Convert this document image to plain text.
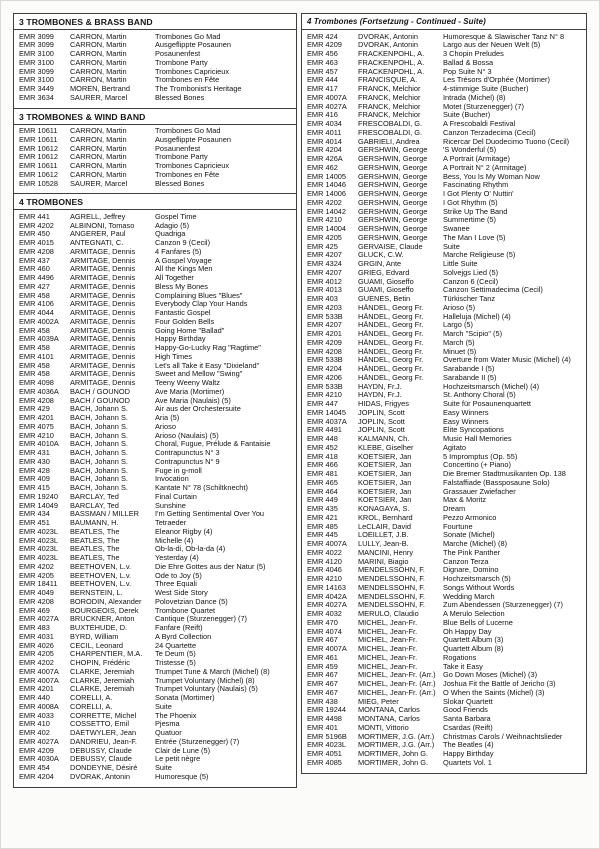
3 TROMBONES & BRASS BAND
EMR 3099	CARRON, Martin	Trombones Go Mad
EMR 3099	CARRON, Martin	Ausgeflippte Posaunen
EMR 3100	CARRON, Martin	Posaunenfest
EMR 3100	CARRON, Martin	Trombone Party
EMR 3099	CARRON, Martin	Trombones Capricieux
EMR 3100	CARRON, Martin	Trombones en Fête
EMR 3449	MOREN, Bertrand	The Trombonist's Heritage
EMR 3634	SAURER, Marcel	Blessed Bones
3 TROMBONES & WIND BAND
EMR 10611	CARRON, Martin	Trombones Go Mad
EMR 10611	CARRON, Martin	Ausgeflippte Posaunen
EMR 10612	CARRON, Martin	Posaunenfest
EMR 10612	CARRON, Martin	Trombone Party
EMR 10611	CARRON, Martin	Trombones Capricieux
EMR 10612	CARRON, Martin	Trombones en Fête
EMR 10528	SAURER, Marcel	Blessed Bones
4 TROMBONES
EMR 441	AGRELL, Jeffrey	Gospel Time
EMR 4202	ALBINONI, Tomaso	Adagio (5)
EMR 450	ANGERER, Paul	Quadriga
EMR 4015	ANTEGNATI, C.	Canzon 9 (Cecil)
EMR 4208	ARMITAGE, Dennis	4 Fanfares (5)
EMR 437	ARMITAGE, Dennis	A Gospel Voyage
EMR 460	ARMITAGE, Dennis	All the Kings Men
EMR 4496	ARMITAGE, Dennis	All Together
EMR 427	ARMITAGE, Dennis	Bless My Bones
EMR 458	ARMITAGE, Dennis	Complaining Blues "Blues"
EMR 4106	ARMITAGE, Dennis	Everybody Clap Your Hands
EMR 4044	ARMITAGE, Dennis	Fantastic Gospel
EMR 4002A	ARMITAGE, Dennis	Four Golden Bells
EMR 458	ARMITAGE, Dennis	Going Home "Ballad"
EMR 4039A	ARMITAGE, Dennis	Happy Birthday
EMR 458	ARMITAGE, Dennis	Happy-Go-Lucky Rag "Ragtime"
EMR 4101	ARMITAGE, Dennis	High Times
EMR 458	ARMITAGE, Dennis	Let's all Take it Easy "Dixieland"
EMR 458	ARMITAGE, Dennis	Sweet and Mellow "Swing"
EMR 4098	ARMITAGE, Dennis	Teeny Weeny Waltz
EMR 4036A	BACH / GOUNOD	Ave Maria (Mortimer)
EMR 4208	BACH / GOUNOD	Ave Maria (Naulais) (5)
EMR 429	BACH, Johann S.	Air aus der Orchestersuite
EMR 4201	BACH, Johann S.	Aria (5)
EMR 4075	BACH, Johann S.	Arioso
EMR 4210	BACH, Johann S.	Arioso (Naulais) (5)
EMR 4010A	BACH, Johann S.	Choral, Fugue, Prélude & Fantaisie
EMR 431	BACH, Johann S.	Contrapunctus N° 3
EMR 430	BACH, Johann S.	Contrapunctus N° 9
EMR 428	BACH, Johann S.	Fuge in g-moll
EMR 409	BACH, Johann S.	Invocation
EMR 415	BACH, Johann S.	Kantate N° 78 (Schiltknecht)
EMR 19240	BARCLAY, Ted	Final Curtain
EMR 14049	BARCLAY, Ted	Sunshine
EMR 434	BASSMAN / MILLER	I'm Getting Sentimental Over You
EMR 451	BAUMANN, H.	Tetraeder
EMR 4023L	BEATLES, The	Eleanor Rigby (4)
EMR 4023L	BEATLES, The	Michelle (4)
EMR 4023L	BEATLES, The	Ob-la-di, Ob-la-da (4)
EMR 4023L	BEATLES, The	Yesterday (4)
EMR 4202	BEETHOVEN, L.v.	Die Ehre Gottes aus der Natur (5)
EMR 4205	BEETHOVEN, L.v.	Ode to Joy (5)
EMR 18411	BEETHOVEN, L.v.	Three Equali
EMR 4049	BERNSTEIN, L.	West Side Story
EMR 4208	BORODIN, Alexander	Polovetzian Dance (5)
EMR 469	BOURGEOIS, Derek	Trombone Quartet
EMR 4027A	BRUCKNER, Anton	Cantique (Sturzenegger) (7)
EMR 483	BUXTEHUDE, D.	Fanfare (Reift)
EMR 4031	BYRD, William	A Byrd Collection
EMR 4026	CECIL, Leonard	24 Quartette
EMR 4205	CHARPENTIER, M.A.	Te Deum (5)
EMR 4202	CHOPIN, Frédéric	Tristesse (5)
EMR 4007A	CLARKE, Jeremiah	Trumpet Tune & March (Michel) (8)
EMR 4007A	CLARKE, Jeremiah	Trumpet Voluntary (Michel) (8)
EMR 4201	CLARKE, Jeremiah	Trumpet Voluntary (Naulais) (5)
EMR 440	CORELLI, A.	Sonata (Mortimer)
EMR 4008A	CORELLI, A.	Suite
EMR 4033	CORRETTE, Michel	The Phoenix
EMR 410	COSSETTO, Emil	Pjesma
EMR 402	DAETWYLER, Jean	Quatuor
EMR 4027A	DANDRIEU, Jean-F.	Entrée (Sturzenegger) (7)
EMR 4209	DEBUSSY, Claude	Clair de Lune (5)
EMR 4030A	DEBUSSY, Claude	Le petit nègre
EMR 454	DONDEYNE, Désiré	Suite
EMR 4204	DVORAK, Antonin	Humoresque (5)
4 Trombones (Fortsetzung - Continued - Suite)
EMR 424	DVORAK, Antonin	Humoresque & Slawischer Tanz N° 8
EMR 4209	DVORAK, Antonin	Largo aus der Neuen Welt (5)
EMR 456	FRACKENPOHL, A.	3 Chopin Preludes
EMR 463	FRACKENPOHL, A.	Ballad & Bossa
EMR 457	FRACKENPOHL, A.	Pop Suite N° 3
EMR 444	FRANCISQUE, A.	Les Trésors d'Orphée (Mortimer)
EMR 417	FRANCK, Melchior	4-stimmige Suite (Bucher)
EMR 4007A	FRANCK, Melchior	Intrada (Michel) (8)
EMR 4027A	FRANCK, Melchior	Motet (Sturzenegger) (7)
EMR 416	FRANCK, Melchior	Suite (Bucher)
EMR 4034	FRESCOBALDI, G.	A Frescobaldi Festival
EMR 4011	FRESCOBALDI, G.	Canzon Terzadecima (Cecil)
EMR 4014	GABRIELI, Andrea	Ricercar Del Duodecimo Tuono (Cecil)
EMR 4204	GERSHWIN, George	'S Wonderful (5)
EMR 426A	GERSHWIN, George	A Portrait (Armitage)
EMR 462	GERSHWIN, George	A Portrait N° 2 (Armitage)
EMR 14005	GERSHWIN, George	Bess, You Is My Woman Now
EMR 14046	GERSHWIN, George	Fascinating Rhythm
EMR 14006	GERSHWIN, George	I Got Plenty O' Nuttin'
EMR 4202	GERSHWIN, George	I Got Rhythm (5)
EMR 14042	GERSHWIN, George	Strike Up The Band
EMR 4210	GERSHWIN, George	Summertime (5)
EMR 14004	GERSHWIN, George	Swanee
EMR 4205	GERSHWIN, George	The Man I Love (5)
EMR 425	GERVAISE, Claude	Suite
EMR 4207	GLUCK, C.W.	Marche Religieuse (5)
EMR 4324	GRGIN, Ante	Little Suite
EMR 4207	GRIEG, Edvard	Solvejgs Lied (5)
EMR 4012	GUAMI, Gioseffo	Canzon 6 (Cecil)
EMR 4013	GUAMI, Gioseffo	Canzon Settimadecima (Cecil)
EMR 403	GUENES, Betin	Türkischer Tanz
EMR 4203	HÄNDEL, Georg Fr.	Arioso (5)
EMR 533B	HÄNDEL, Georg Fr.	Halleluja (Michel) (4)
EMR 4207	HÄNDEL, Georg Fr.	Largo (5)
EMR 4201	HÄNDEL, Georg Fr.	March "Scipio" (5)
EMR 4209	HÄNDEL, Georg Fr.	March (5)
EMR 4208	HÄNDEL, Georg Fr.	Minuet (5)
EMR 533B	HÄNDEL, Georg Fr.	Overture from Water Music (Michel) (4)
EMR 4204	HÄNDEL, Georg Fr.	Sarabande I (5)
EMR 4206	HÄNDEL, Georg Fr.	Sarabande II (5)
EMR 533B	HAYDN, Fr.J.	Hochzeitsmarsch (Michel) (4)
EMR 4210	HAYDN, Fr.J.	St. Anthony Choral (5)
EMR 447	HIDAS, Frigyes	Suite für Posaunenquartett
EMR 14045	JOPLIN, Scott	Easy Winners
EMR 4037A	JOPLIN, Scott	Easy Winners
EMR 4491	JOPLIN, Scott	Elite Syncopations
EMR 448	KALMANN, Ch.	Music Hall Memories
EMR 452	KLEBE, Giselher	Agitato
EMR 418	KOETSIER, Jan	5 Impromptus (Op. 55)
EMR 466	KOETSIER, Jan	Concertino (+ Piano)
EMR 481	KOETSIER, Jan	Die Bremer Stadtmusikanten Op. 138
EMR 465	KOETSIER, Jan	Falstaffiade (Bassposaune Solo)
EMR 464	KOETSIER, Jan	Grassauer Zwiefacher
EMR 449	KOETSIER, Jan	Max & Moritz
EMR 435	KONAGAYA, S.	Dream
EMR 421	KROL, Bernhard	Pezzo Armonico
EMR 485	LeCLAIR, David	Fourtune
EMR 445	LOEILLET, J.B.	Sonate (Michel)
EMR 4007A	LULLY, Jean-B.	Marche (Michel) (8)
EMR 4022	MANCINI, Henry	The Pink Panther
EMR 4120	MARINI, Biagio	Canzon Terza
EMR 4046	MENDELSSOHN, F.	Dignare, Domino
EMR 4210	MENDELSSOHN, F.	Hochzeitsmarsch (5)
EMR 14163	MENDELSSOHN, F.	Songs Without Words
EMR 4042A	MENDELSSOHN, F.	Wedding March
EMR 4027A	MENDELSSOHN, F.	Zum Abendessen (Sturzenegger) (7)
EMR 4032	MERULO, Claudio	A Merulo Selection
EMR 470	MICHEL, Jean-Fr.	Blue Bells of Lucerne
EMR 4074	MICHEL, Jean-Fr.	Oh Happy Day
EMR 467	MICHEL, Jean-Fr.	Quartett Album (3)
EMR 4007A	MICHEL, Jean-Fr.	Quartett Album (8)
EMR 461	MICHEL, Jean-Fr.	Rogations
EMR 459	MICHEL, Jean-Fr.	Take it Easy
EMR 467	MICHEL, Jean-Fr. (Arr.) Go Down Moses (Michel) (3)
EMR 467	MICHEL, Jean-Fr. (Arr.) Joshua Fit the Battle of Jericho (3)
EMR 467	MICHEL, Jean-Fr. (Arr.) O When the Saints (Michel) (3)
EMR 438	MIEG, Peter	Slokar Quartett
EMR 19244	MONTANA, Carlos	Good Friends
EMR 4498	MONTANA, Carlos	Santa Barbara
EMR 401	MONTI, Vittorio	Csardas (Reift)
EMR 5196B	MORTIMER, J.G. (Arr.)	Christmas Carols / Weihnachtslieder
EMR 4023L	MORTIMER, J.G. (Arr.)	The Beatles (4)
EMR 4051	MORTIMER, John G.	Happy Birthday
EMR 4085	MORTIMER, John G.	Quartets Vol. 1
